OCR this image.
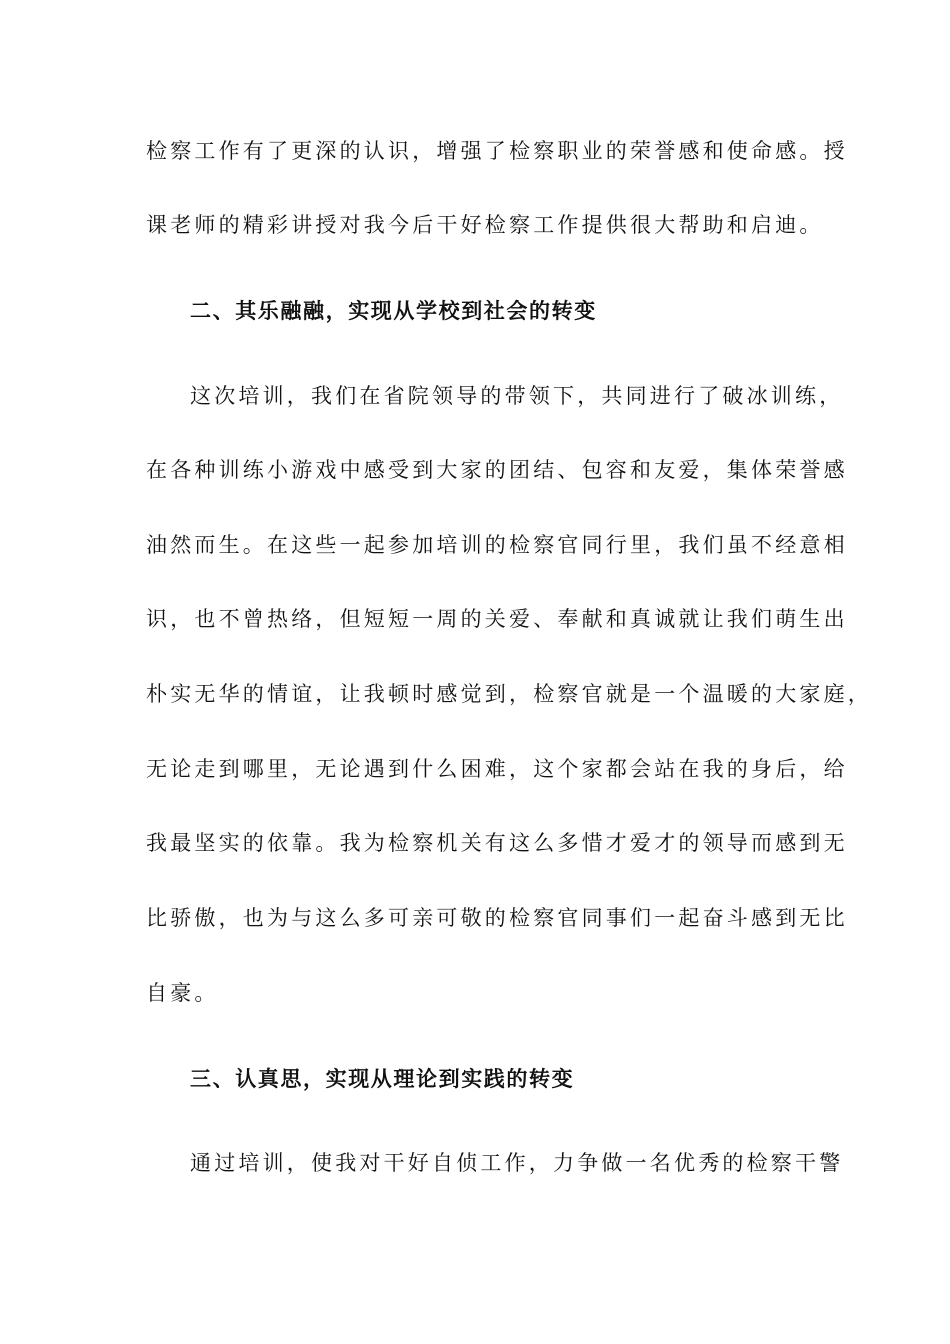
检察工作有了更深的认识，增强了检察职业的荣誉感和使命感。授
课老师的精彩讲授对我今后干好检察工作提供很大帮助和启迪。
二、其乐融融，实现从学校到社会的转变
这次培训，我们在省院领导的带领下，共同进行了破冰训练，
在各种训练小游戏中感受到大家的团结、包容和友爱，集体荣誉感
油然而生。在这些一起参加培训的检察官同行里，我们虽不经意相
识，也不曾热络，但短短一周的关爱、奉献和真诚就让我们萌生出
朴实无华的情谊，让我顿时感觉到，检察官就是一个温暖的大家庭，
无论走到哪里，无论遇到什么困难，这个家都会站在我的身后，给
我最坚实的依靠。我为检察机关有这么多惜才爱才的领导而感到无
比骄傲，也为与这么多可亲可敬的检察官同事们一起奋斗感到无比
自豪。
三、认真思，实现从理论到实践的转变
通过培训，使我对干好自侦工作，力争做一名优秀的检察干警
